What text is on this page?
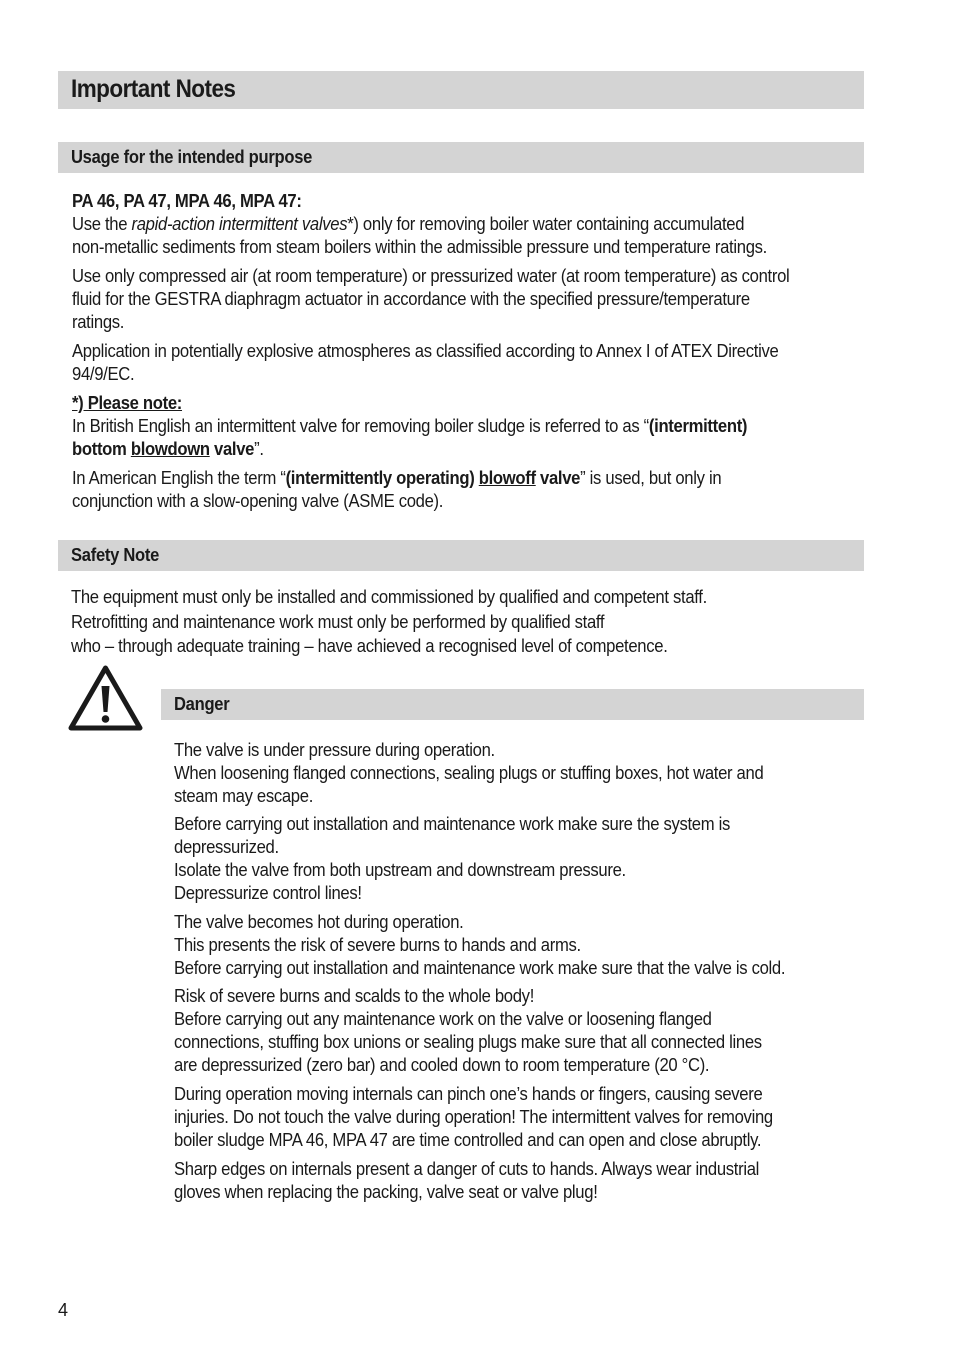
Important Notes
Usage for the intended purpose

PA 46, PA 47, MPA 46, MPA 47:

Use the rapid-action intermittent valves*) only for removing boiler water containing accumulated

non-metallic sediments from steam boilers within the admissible pressure und temperature ratings.

Use only compressed air (at room temperature) or pressurized water (at room temperature) as control

fluid for the GESTRA diaphragm actuator in accordance with the specified pressure/temperature

ratings.

Application in potentially explosive atmospheres as classified according to Annex I of ATEX Directive

94/9/EC.

*) Please note:

In British English an intermittent valve for removing boiler sludge is referred to as “(intermittent)

bottom blowdown valve”.

In American English the term “(intermittently operating) blowoff valve” is used, but only in

conjunction with a slow-opening valve (ASME code).

Safety Note

The equipment must only be installed and commissioned by qualified and competent staff.

Retrofitting and maintenance work must only be performed by qualified staff

who – through adequate training – have achieved a recognised level of competence.

Danger

The valve is under pressure during operation.

When loosening flanged connections, sealing plugs or stuffing boxes, hot water and

steam may escape.

Before carrying out installation and maintenance work make sure the system is

depressurized.

Isolate the valve from both upstream and downstream pressure.

Depressurize control lines!

The valve becomes hot during operation.

This presents the risk of severe burns to hands and arms.

Before carrying out installation and maintenance work make sure that the valve is cold.

Risk of severe burns and scalds to the whole body!

Before carrying out any maintenance work on the valve or loosening flanged

connections, stuffing box unions or sealing plugs make sure that all connected lines

are depressurized (zero bar) and cooled down to room temperature (20 °C).

During operation moving internals can pinch one’s hands or fingers, causing severe

injuries. Do not touch the valve during operation! The intermittent valves for removing

boiler sludge MPA 46, MPA 47 are time controlled and can open and close abruptly.

Sharp edges on internals present a danger of cuts to hands. Always wear industrial

gloves when replacing the packing, valve seat or valve plug!

4
